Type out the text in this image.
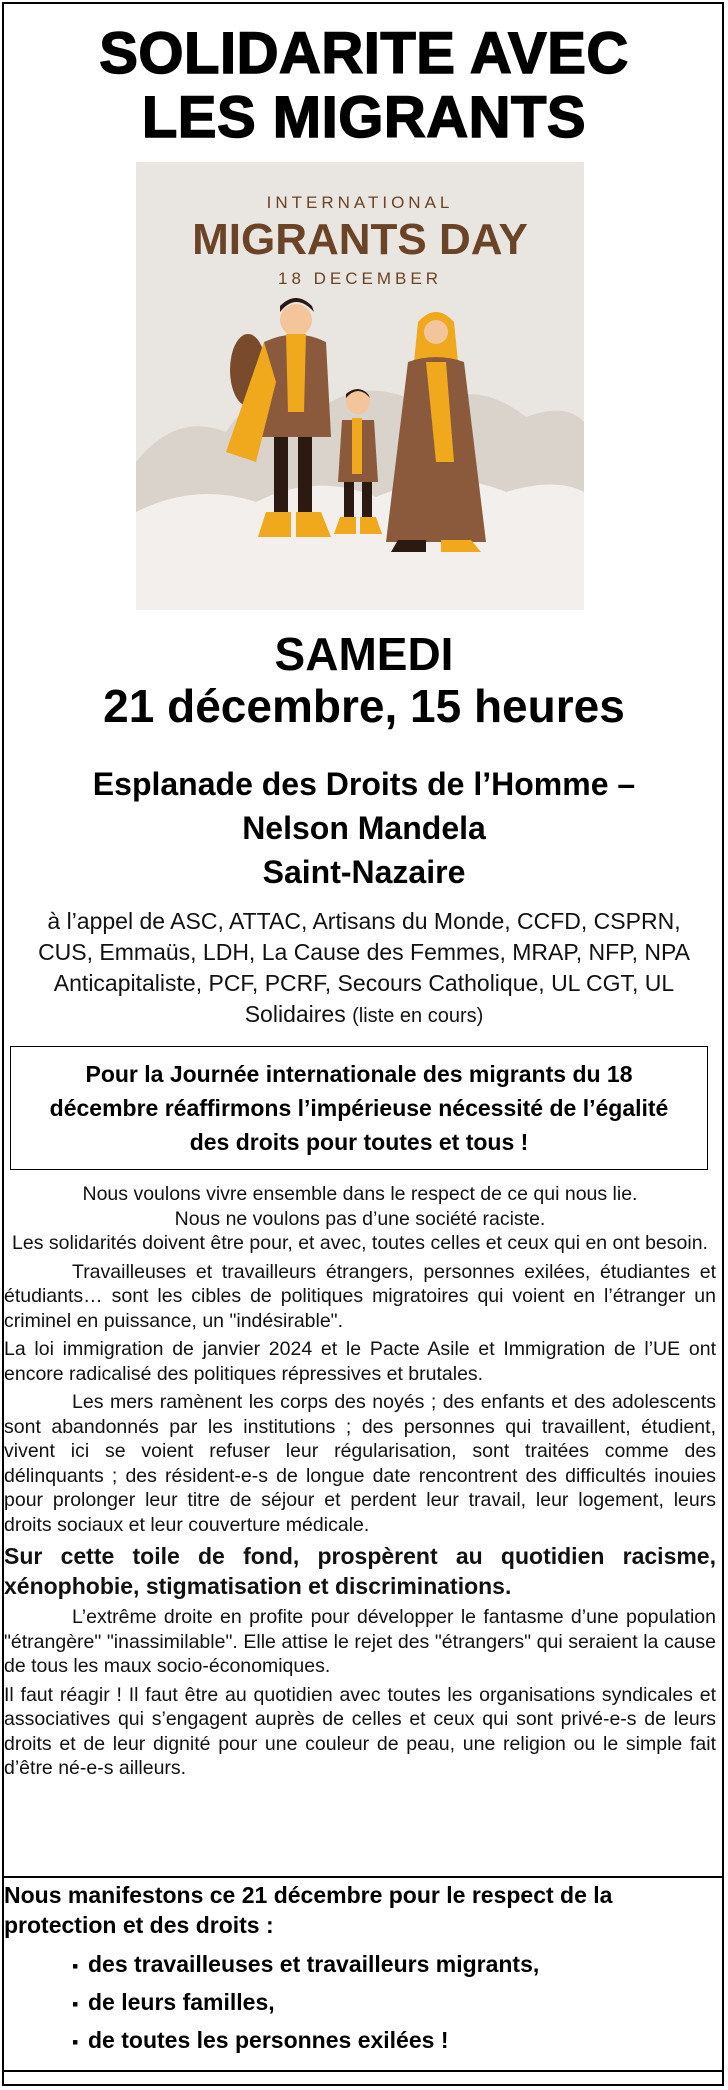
SOLIDARITE AVEC
LES MIGRANTS
INTERNATIONAL
MIGRANTS DAY
18 DECEMBER
SAMEDI
21 décembre, 15 heures
Esplanade des Droits de l’Homme –
Nelson Mandela
Saint-Nazaire
à l’appel de ASC, ATTAC, Artisans du Monde, CCFD, CSPRN, CUS, Emmaüs, LDH, La Cause des Femmes, MRAP, NFP, NPA Anticapitaliste, PCF, PCRF, Secours Catholique, UL CGT, UL Solidaires (liste en cours)
Pour la Journée internationale des migrants du 18 décembre réaffirmons l’impérieuse nécessité de l’égalité des droits pour toutes et tous !
Nous voulons vivre ensemble dans le respect de ce qui nous lie.
Nous ne voulons pas d’une société raciste.
Les solidarités doivent être pour, et avec, toutes celles et ceux qui en ont besoin.
Travailleuses et travailleurs étrangers, personnes exilées, étudiantes et étudiants… sont les cibles de politiques migratoires qui voient en l’étranger un criminel en puissance, un "indésirable".
La loi immigration de janvier 2024 et le Pacte Asile et Immigration de l’UE ont encore radicalisé des politiques répressives et brutales.
Les mers ramènent les corps des noyés ; des enfants et des adolescents sont abandonnés par les institutions ; des personnes qui travaillent, étudient, vivent ici se voient refuser leur régularisation, sont traitées comme des délinquants ; des résident-e-s de longue date rencontrent des difficultés inouies pour prolonger leur titre de séjour et perdent leur travail, leur logement, leurs droits sociaux et leur couverture médicale.
Sur cette toile de fond, prospèrent au quotidien racisme, xénophobie, stigmatisation et discriminations.
L’extrême droite en profite pour développer le fantasme d’une population "étrangère" "inassimilable". Elle attise le rejet des "étrangers" qui seraient la cause de tous les maux socio-économiques.
Il faut réagir ! Il faut être au quotidien avec toutes les organisations syndicales et associatives qui s’engagent auprès de celles et ceux qui sont privé-e-s de leurs droits et de leur dignité pour une couleur de peau, une religion ou le simple fait d’être né-e-s ailleurs.
Nous manifestons ce 21 décembre pour le respect de la protection et des droits :
▪ des travailleuses et travailleurs migrants,
▪ de leurs familles,
▪ de toutes les personnes exilées !
